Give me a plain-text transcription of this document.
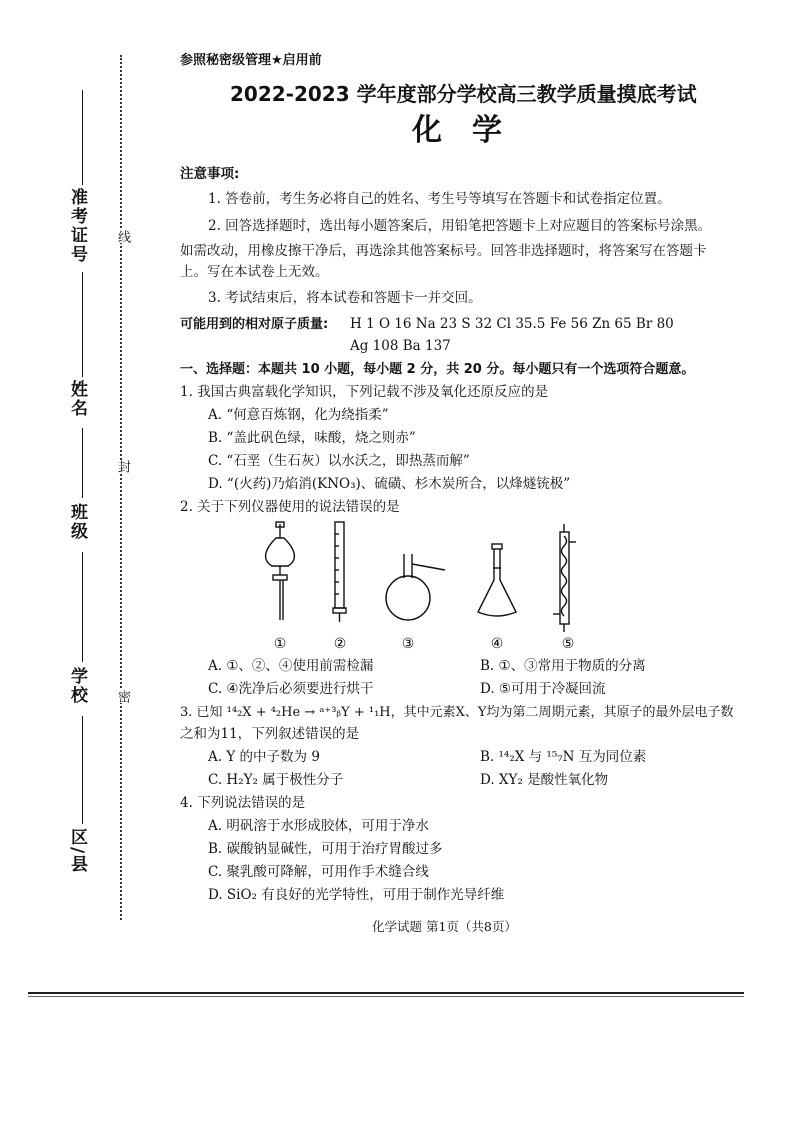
准考证号
姓名
班级
学校
区/县
线
封
密
参照秘密级管理★启用前
2022-2023 学年度部分学校高三教学质量摸底考试
化学
注意事项:
1. 答卷前，考生务必将自己的姓名、考生号等填写在答题卡和试卷指定位置。
2. 回答选择题时，选出每小题答案后，用铅笔把答题卡上对应题目的答案标号涂黑。
如需改动，用橡皮擦干净后，再选涂其他答案标号。回答非选择题时，将答案写在答题卡
上。写在本试卷上无效。
3. 考试结束后，将本试卷和答题卡一并交回。
可能用到的相对原子质量: H 1 O 16 Na 23 S 32 Cl 35.5 Fe 56 Zn 65 Br 80
Ag 108 Ba 137
一、选择题：本题共 10 小题，每小题 2 分，共 20 分。每小题只有一个选项符合题意。
1. 我国古典富载化学知识，下列记载不涉及氧化还原反应的是
A. “何意百炼钢，化为绕指柔”
B. “盖此矾色绿，味酸，烧之则赤”
C. “石垩（生石灰）以水沃之，即热蒸而解”
D. “(火药)乃焰消(KNO₃)、硫磺、杉木炭所合，以烽燧铳极”
2. 关于下列仪器使用的说法错误的是
①	②	③	④	⑤
A. ①、②、④使用前需检漏	B. ①、③常用于物质的分离
C. ④洗净后必须要进行烘干	D. ⑤可用于冷凝回流
3. 已知 ¹⁴₂X + ⁴₂He → ᵃ⁺³ᵦY + ¹₁H，其中元素X、Y均为第二周期元素，其原子的最外层电子数
之和为11，下列叙述错误的是
A. Y 的中子数为 9	B. ¹⁴₂X 与 ¹⁵₇N 互为同位素
C. H₂Y₂ 属于极性分子	D. XY₂ 是酸性氧化物
4. 下列说法错误的是
A. 明矾溶于水形成胶体，可用于净水
B. 碳酸钠显碱性，可用于治疗胃酸过多
C. 聚乳酸可降解，可用作手术缝合线
D. SiO₂ 有良好的光学特性，可用于制作光导纤维
化学试题 第1页（共8页）
